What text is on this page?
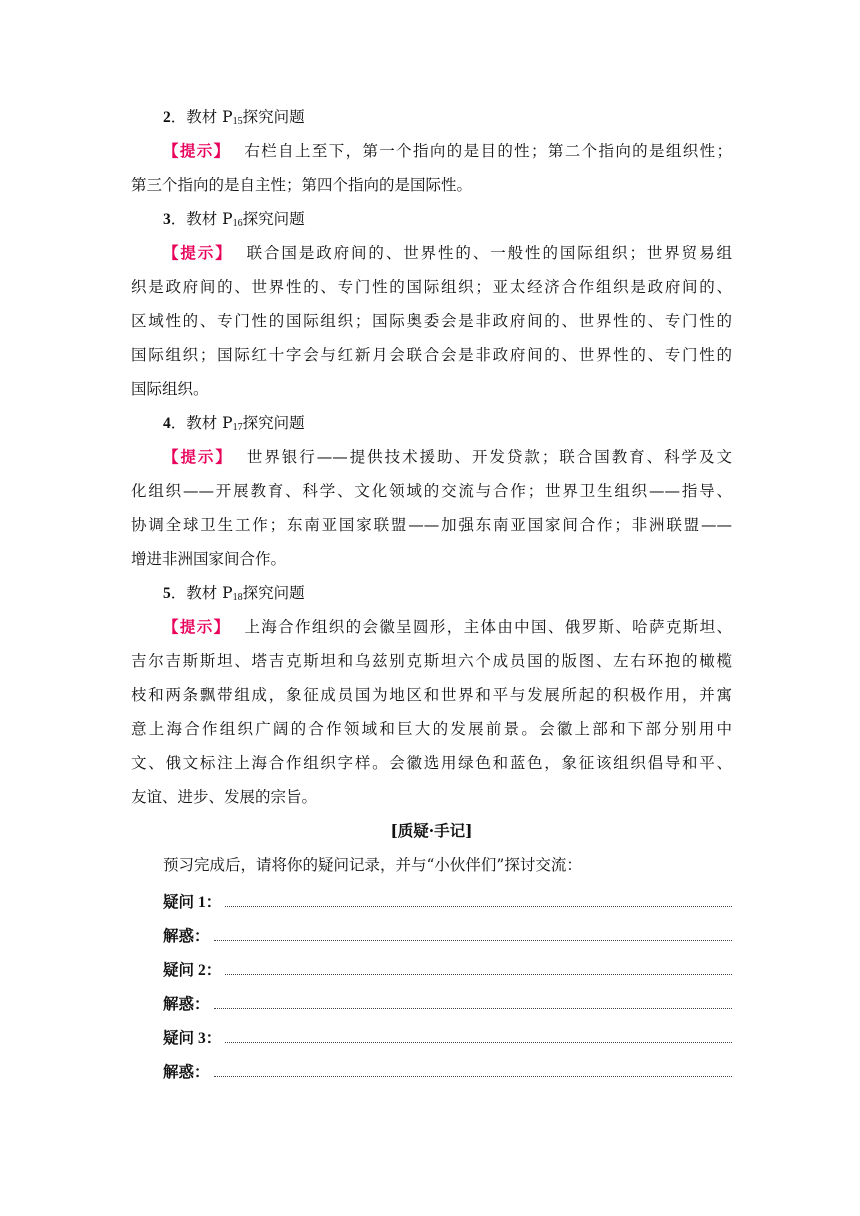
2．教材 $P_{15}$探究问题
【提示】 右栏自上至下，第一个指向的是目的性；第二个指向的是组织性；
第三个指向的是自主性；第四个指向的是国际性。
3．教材 $P_{16}$探究问题
【提示】 联合国是政府间的、世界性的、一般性的国际组织；世界贸易组
织是政府间的、世界性的、专门性的国际组织；亚太经济合作组织是政府间的、
区域性的、专门性的国际组织；国际奥委会是非政府间的、世界性的、专门性的
国际组织；国际红十字会与红新月会联合会是非政府间的、世界性的、专门性的
国际组织。
4．教材 $P_{17}$探究问题
【提示】 世界银行——提供技术援助、开发贷款；联合国教育、科学及文
化组织——开展教育、科学、文化领域的交流与合作；世界卫生组织——指导、
协调全球卫生工作；东南亚国家联盟——加强东南亚国家间合作；非洲联盟——
增进非洲国家间合作。
5．教材 $P_{18}$探究问题
【提示】 上海合作组织的会徽呈圆形，主体由中国、俄罗斯、哈萨克斯坦、
吉尔吉斯斯坦、塔吉克斯坦和乌兹别克斯坦六个成员国的版图、左右环抱的橄榄
枝和两条飘带组成，象征成员国为地区和世界和平与发展所起的积极作用，并寓
意上海合作组织广阔的合作领域和巨大的发展前景。会徽上部和下部分别用中
文、俄文标注上海合作组织字样。会徽选用绿色和蓝色，象征该组织倡导和平、
友谊、进步、发展的宗旨。
[质疑·手记]
预习完成后，请将你的疑问记录，并与“小伙伴们”探讨交流：
疑问 1 ：
解惑：
疑问 2 ：
解惑：
疑问 3 ：
解惑：
